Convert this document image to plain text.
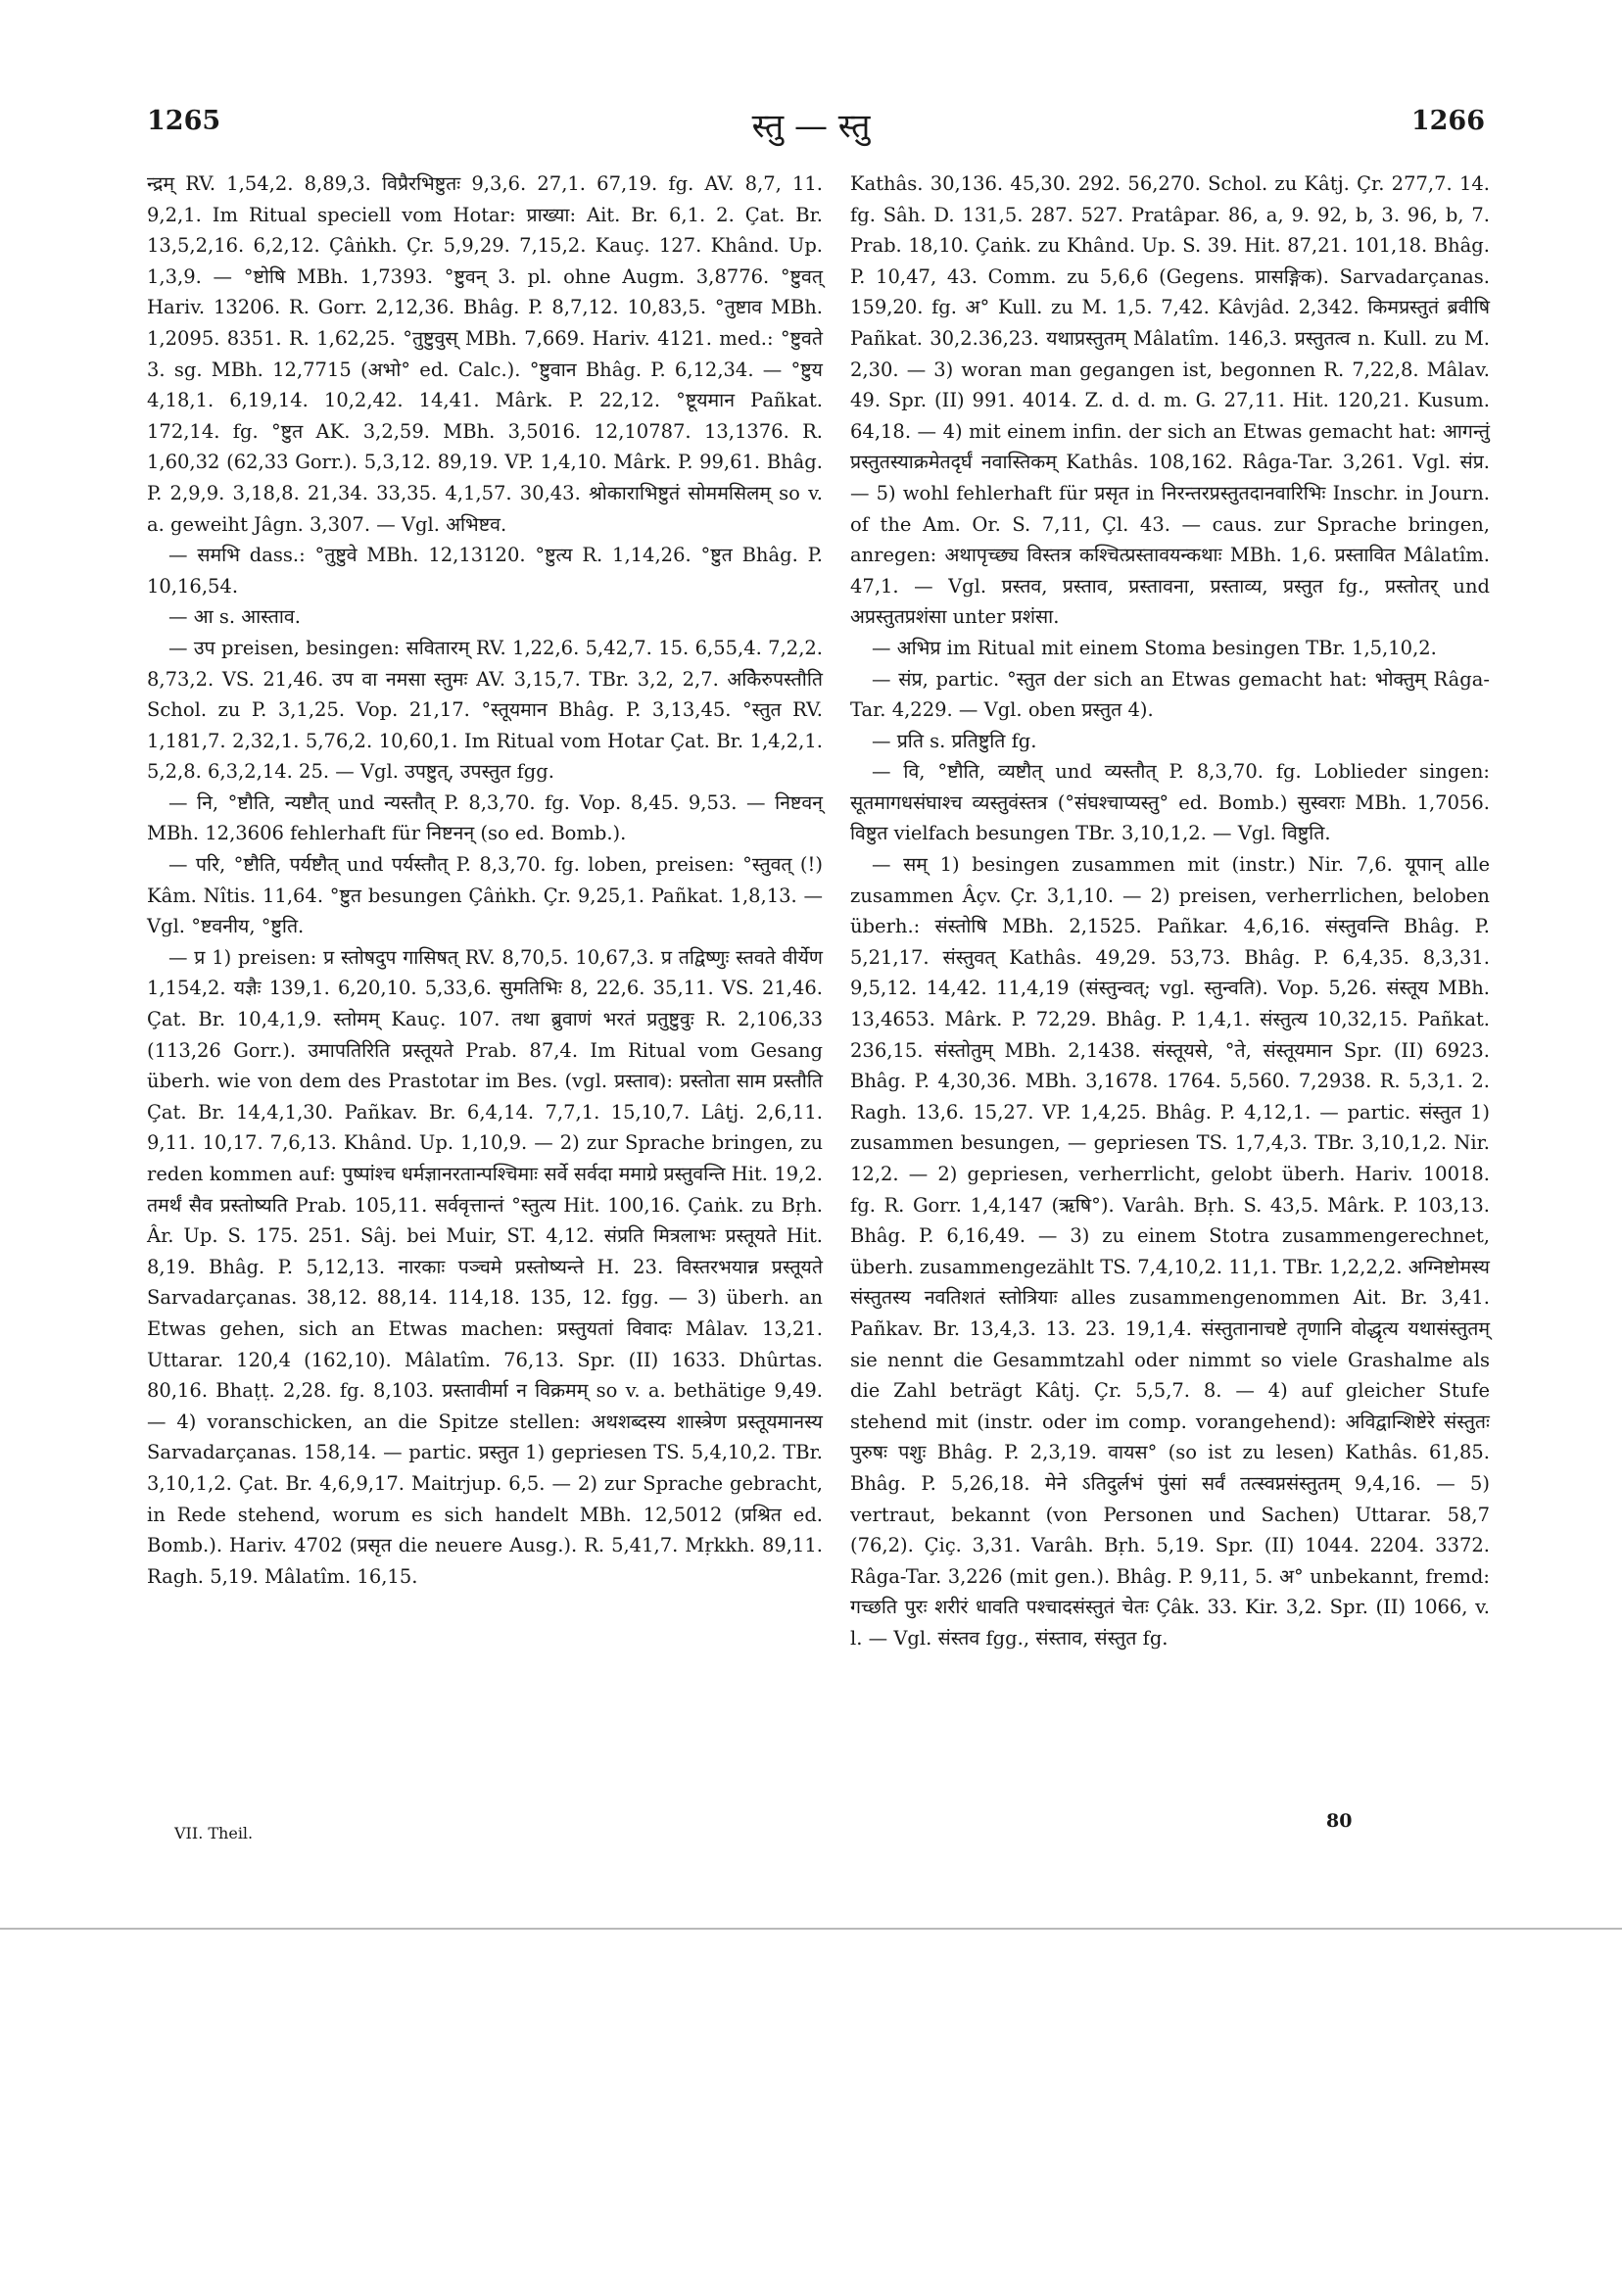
1265	स्तु — स्तु	1266

न्द्रम् RV. 1,54,2. 8,89,3. विप्रैरभिष्टुतः 9,3,6. 27,1. 67,19. fg. AV. 8,7, 11. 9,2,1. Im Ritual speciell vom Hotar: प्राख्या: Ait. Br. 6,1. 2. Çat. Br. 13,5,2,16. 6,2,12. Çâṅkh. Çr. 5,9,29. 7,15,2. Kauç. 127. Khând. Up. 1,3,9. — °ष्टोषि MBh. 1,7393. °ष्टुवन् 3. pl. ohne Augm. 3,8776. °ष्टुवत् Hariv. 13206. R. Gorr. 2,12,36. Bhâg. P. 8,7,12. 10,83,5. °तुष्टाव MBh. 1,2095. 8351. R. 1,62,25. °तुष्टुवुस् MBh. 7,669. Hariv. 4121. med.: °ष्टुवते 3. sg. MBh. 12,7715 (अभो° ed. Calc.). °ष्टुवान Bhâg. P. 6,12,34. — °ष्टुय 4,18,1. 6,19,14. 10,2,42. 14,41. Mârk. P. 22,12. °ष्टूयमान Pañkat. 172,14. fg. °ष्टुत AK. 3,2,59. MBh. 3,5016. 12,10787. 13,1376. R. 1,60,32 (62,33 Gorr.). 5,3,12. 89,19. VP. 1,4,10. Mârk. P. 99,61. Bhâg. P. 2,9,9. 3,18,8. 21,34. 33,35. 4,1,57. 30,43. श्रोकाराभिष्टुतं सोममसिलम् so v. a. geweiht Jâgn. 3,307. — Vgl. अभिष्टव.

— समभि dass.: °तुष्टुवे MBh. 12,13120. °ष्टुत्य R. 1,14,26. °ष्टुत Bhâg. P. 10,16,54.

— आ s. आस्ताव.

— उप preisen, besingen: सवितारम् RV. 1,22,6. 5,42,7. 15. 6,55,4. 7,2,2. 8,73,2. VS. 21,46. उप वा नमसा स्तुमः AV. 3,15,7. TBr. 3,2, 2,7. अकेिरुपस्तौति Schol. zu P. 3,1,25. Vop. 21,17. °स्तूयमान Bhâg. P. 3,13,45. °स्तुत RV. 1,181,7. 2,32,1. 5,76,2. 10,60,1. Im Ritual vom Hotar Çat. Br. 1,4,2,1. 5,2,8. 6,3,2,14. 25. — Vgl. उपष्टुत्, उपस्तुत fgg.

— नि, °ष्टौति, न्यष्टौत् und न्यस्तौत् P. 8,3,70. fg. Vop. 8,45. 9,53. — निष्टवन् MBh. 12,3606 fehlerhaft für निष्टनन् (so ed. Bomb.).

— परि, °ष्टौति, पर्यष्टौत् und पर्यस्तौत् P. 8,3,70. fg. loben, preisen: °स्तुवत् (!) Kâm. Nîtis. 11,64. °ष्टुत besungen Çâṅkh. Çr. 9,25,1. Pañkat. 1,8,13. — Vgl. °ष्टवनीय, °ष्टुति.

— प्र 1) preisen: प्र स्तोषदुप गासिषत् RV. 8,70,5. 10,67,3. प्र तद्विष्णुः स्तवते वीर्येण 1,154,2. यज्ञैः 139,1. 6,20,10. 5,33,6. सुमतिभिः 8, 22,6. 35,11. VS. 21,46. Çat. Br. 10,4,1,9. स्तोमम् Kauç. 107. तथा ब्रुवाणं भरतं प्रतुष्टुवुः R. 2,106,33 (113,26 Gorr.). उमापतिरिति प्रस्तूयते Prab. 87,4. Im Ritual vom Gesang überh. wie von dem des Prastotar im Bes. (vgl. प्रस्ताव): प्रस्तोता साम प्रस्तौति Çat. Br. 14,4,1,30. Pañkav. Br. 6,4,14. 7,7,1. 15,10,7. Lâṭj. 2,6,11. 9,11. 10,17. 7,6,13. Khând. Up. 1,10,9. — 2) zur Sprache bringen, zu reden kommen auf: पुष्पांश्च धर्मज्ञानरतान्पश्चिमाः सर्वे सर्वदा ममाग्रे प्रस्तुवन्ति Hit. 19,2. तमर्थं सैव प्रस्तोष्यति Prab. 105,11. सर्ववृत्तान्तं °स्तुत्य Hit. 100,16. Çaṅk. zu Bṛh. Âr. Up. S. 175. 251. Sâj. bei Muir, ST. 4,12. संप्रति मित्रलाभः प्रस्तूयते Hit. 8,19. Bhâg. P. 5,12,13. नारकाः पञ्चमे प्रस्तोष्यन्ते H. 23. विस्तरभयान्न प्रस्तूयते Sarvadarçanas. 38,12. 88,14. 114,18. 135, 12. fgg. — 3) überh. an Etwas gehen, sich an Etwas machen: प्रस्तुयतां विवादः Mâlav. 13,21. Uttarar. 120,4 (162,10). Mâlatîm. 76,13. Spr. (II) 1633. Dhûrtas. 80,16. Bhaṭṭ. 2,28. fg. 8,103. प्रस्तावीर्मा न विक्रमम् so v. a. bethätige 9,49. — 4) voranschicken, an die Spitze stellen: अथशब्दस्य शास्त्रेण प्रस्तूयमानस्य Sarvadarçanas. 158,14. — partic. प्रस्तुत 1) gepriesen TS. 5,4,10,2. TBr. 3,10,1,2. Çat. Br. 4,6,9,17. Maitrjup. 6,5. — 2) zur Sprache gebracht, in Rede stehend, worum es sich handelt MBh. 12,5012 (प्रश्रित ed. Bomb.). Hariv. 4702 (प्रसृत die neuere Ausg.). R. 5,41,7. Mṛkkh. 89,11. Ragh. 5,19. Mâlatîm. 16,15.

Kathâs. 30,136. 45,30. 292. 56,270. Schol. zu Kâtj. Çr. 277,7. 14. fg. Sâh. D. 131,5. 287. 527. Pratâpar. 86, a, 9. 92, b, 3. 96, b, 7. Prab. 18,10. Çaṅk. zu Khând. Up. S. 39. Hit. 87,21. 101,18. Bhâg. P. 10,47, 43. Comm. zu 5,6,6 (Gegens. प्रासङ्गिक). Sarvadarçanas. 159,20. fg. अ° Kull. zu M. 1,5. 7,42. Kâvjâd. 2,342. किमप्रस्तुतं ब्रवीषि Pañkat. 30,2.36,23. यथाप्रस्तुतम् Mâlatîm. 146,3. प्रस्तुतत्व n. Kull. zu M. 2,30. — 3) woran man gegangen ist, begonnen R. 7,22,8. Mâlav. 49. Spr. (II) 991. 4014. Z. d. d. m. G. 27,11. Hit. 120,21. Kusum. 64,18. — 4) mit einem infin. der sich an Etwas gemacht hat: आगन्तुं प्रस्तुतस्याक्रमेतदृर्घं नवास्तिकम् Kathâs. 108,162. Râga-Tar. 3,261. Vgl. संप्र. — 5) wohl fehlerhaft für प्रसृत in निरन्तरप्रस्तुतदानवारिभिः Inschr. in Journ. of the Am. Or. S. 7,11, Çl. 43. — caus. zur Sprache bringen, anregen: अथापृच्छ्य विस्तत्र कश्चित्प्रस्तावयन्कथाः MBh. 1,6. प्रस्तावित Mâlatîm. 47,1. — Vgl. प्रस्तव, प्रस्ताव, प्रस्तावना, प्रस्ताव्य, प्रस्तुत fg., प्रस्तोतर् und अप्रस्तुतप्रशंसा unter प्रशंसा.

— अभिप्र im Ritual mit einem Stoma besingen TBr. 1,5,10,2.

— संप्र, partic. °स्तुत der sich an Etwas gemacht hat: भोक्तुम् Râga-Tar. 4,229. — Vgl. oben प्रस्तुत 4).

— प्रति s. प्रतिष्टुति fg.

— वि, °ष्टौति, व्यष्टौत् und व्यस्तौत् P. 8,3,70. fg. Loblieder singen: सूतमागधसंघाश्च व्यस्तुवंस्तत्र (°संघश्चाप्यस्तु° ed. Bomb.) सुस्वराः MBh. 1,7056. विष्टुत vielfach besungen TBr. 3,10,1,2. — Vgl. विष्टुति.

— सम् 1) besingen zusammen mit (instr.) Nir. 7,6. यूपान् alle zusammen Âçv. Çr. 3,1,10. — 2) preisen, verherrlichen, beloben überh.: संस्तोषि MBh. 2,1525. Pañkar. 4,6,16. संस्तुवन्ति Bhâg. P. 5,21,17. संस्तुवत् Kathâs. 49,29. 53,73. Bhâg. P. 6,4,35. 8,3,31. 9,5,12. 14,42. 11,4,19 (संस्तुन्वत्; vgl. स्तुन्वति). Vop. 5,26. संस्तूय MBh. 13,4653. Mârk. P. 72,29. Bhâg. P. 1,4,1. संस्तुत्य 10,32,15. Pañkat. 236,15. संस्तोतुम् MBh. 2,1438. संस्तूयसे, °ते, संस्तूयमान Spr. (II) 6923. Bhâg. P. 4,30,36. MBh. 3,1678. 1764. 5,560. 7,2938. R. 5,3,1. 2. Ragh. 13,6. 15,27. VP. 1,4,25. Bhâg. P. 4,12,1. — partic. संस्तुत 1) zusammen besungen, — gepriesen TS. 1,7,4,3. TBr. 3,10,1,2. Nir. 12,2. — 2) gepriesen, verherrlicht, gelobt überh. Hariv. 10018. fg. R. Gorr. 1,4,147 (ऋषि°). Varâh. Bṛh. S. 43,5. Mârk. P. 103,13. Bhâg. P. 6,16,49. — 3) zu einem Stotra zusammengerechnet, überh. zusammengezählt TS. 7,4,10,2. 11,1. TBr. 1,2,2,2. अग्निष्टोमस्य संस्तुतस्य नवतिशतं स्तोत्रियाः alles zusammengenommen Ait. Br. 3,41. Pañkav. Br. 13,4,3. 13. 23. 19,1,4. संस्तुतानाचष्टे तृणानि वोद्धृत्य यथासंस्तुतम् sie nennt die Gesammtzahl oder nimmt so viele Grashalme als die Zahl beträgt Kâtj. Çr. 5,5,7. 8. — 4) auf gleicher Stufe stehend mit (instr. oder im comp. vorangehend): अविद्वान्शिष्टेरे संस्तुतः पुरुषः पशुः Bhâg. P. 2,3,19. वायस° (so ist zu lesen) Kathâs. 61,85. Bhâg. P. 5,26,18. मेने ऽतिदुर्लभं पुंसां सर्वं तत्स्वप्नसंस्तुतम् 9,4,16. — 5) vertraut, bekannt (von Personen und Sachen) Uttarar. 58,7 (76,2). Çiç. 3,31. Varâh. Bṛh. 5,19. Spr. (II) 1044. 2204. 3372. Râga-Tar. 3,226 (mit gen.). Bhâg. P. 9,11, 5. अ° unbekannt, fremd: गच्छति पुरः शरीरं धावति पश्चादसंस्तुतं चेतः Çâk. 33. Kir. 3,2. Spr. (II) 1066, v. l. — Vgl. संस्तव fgg., संस्ताव, संस्तुत fg.

VII. Theil.
80
